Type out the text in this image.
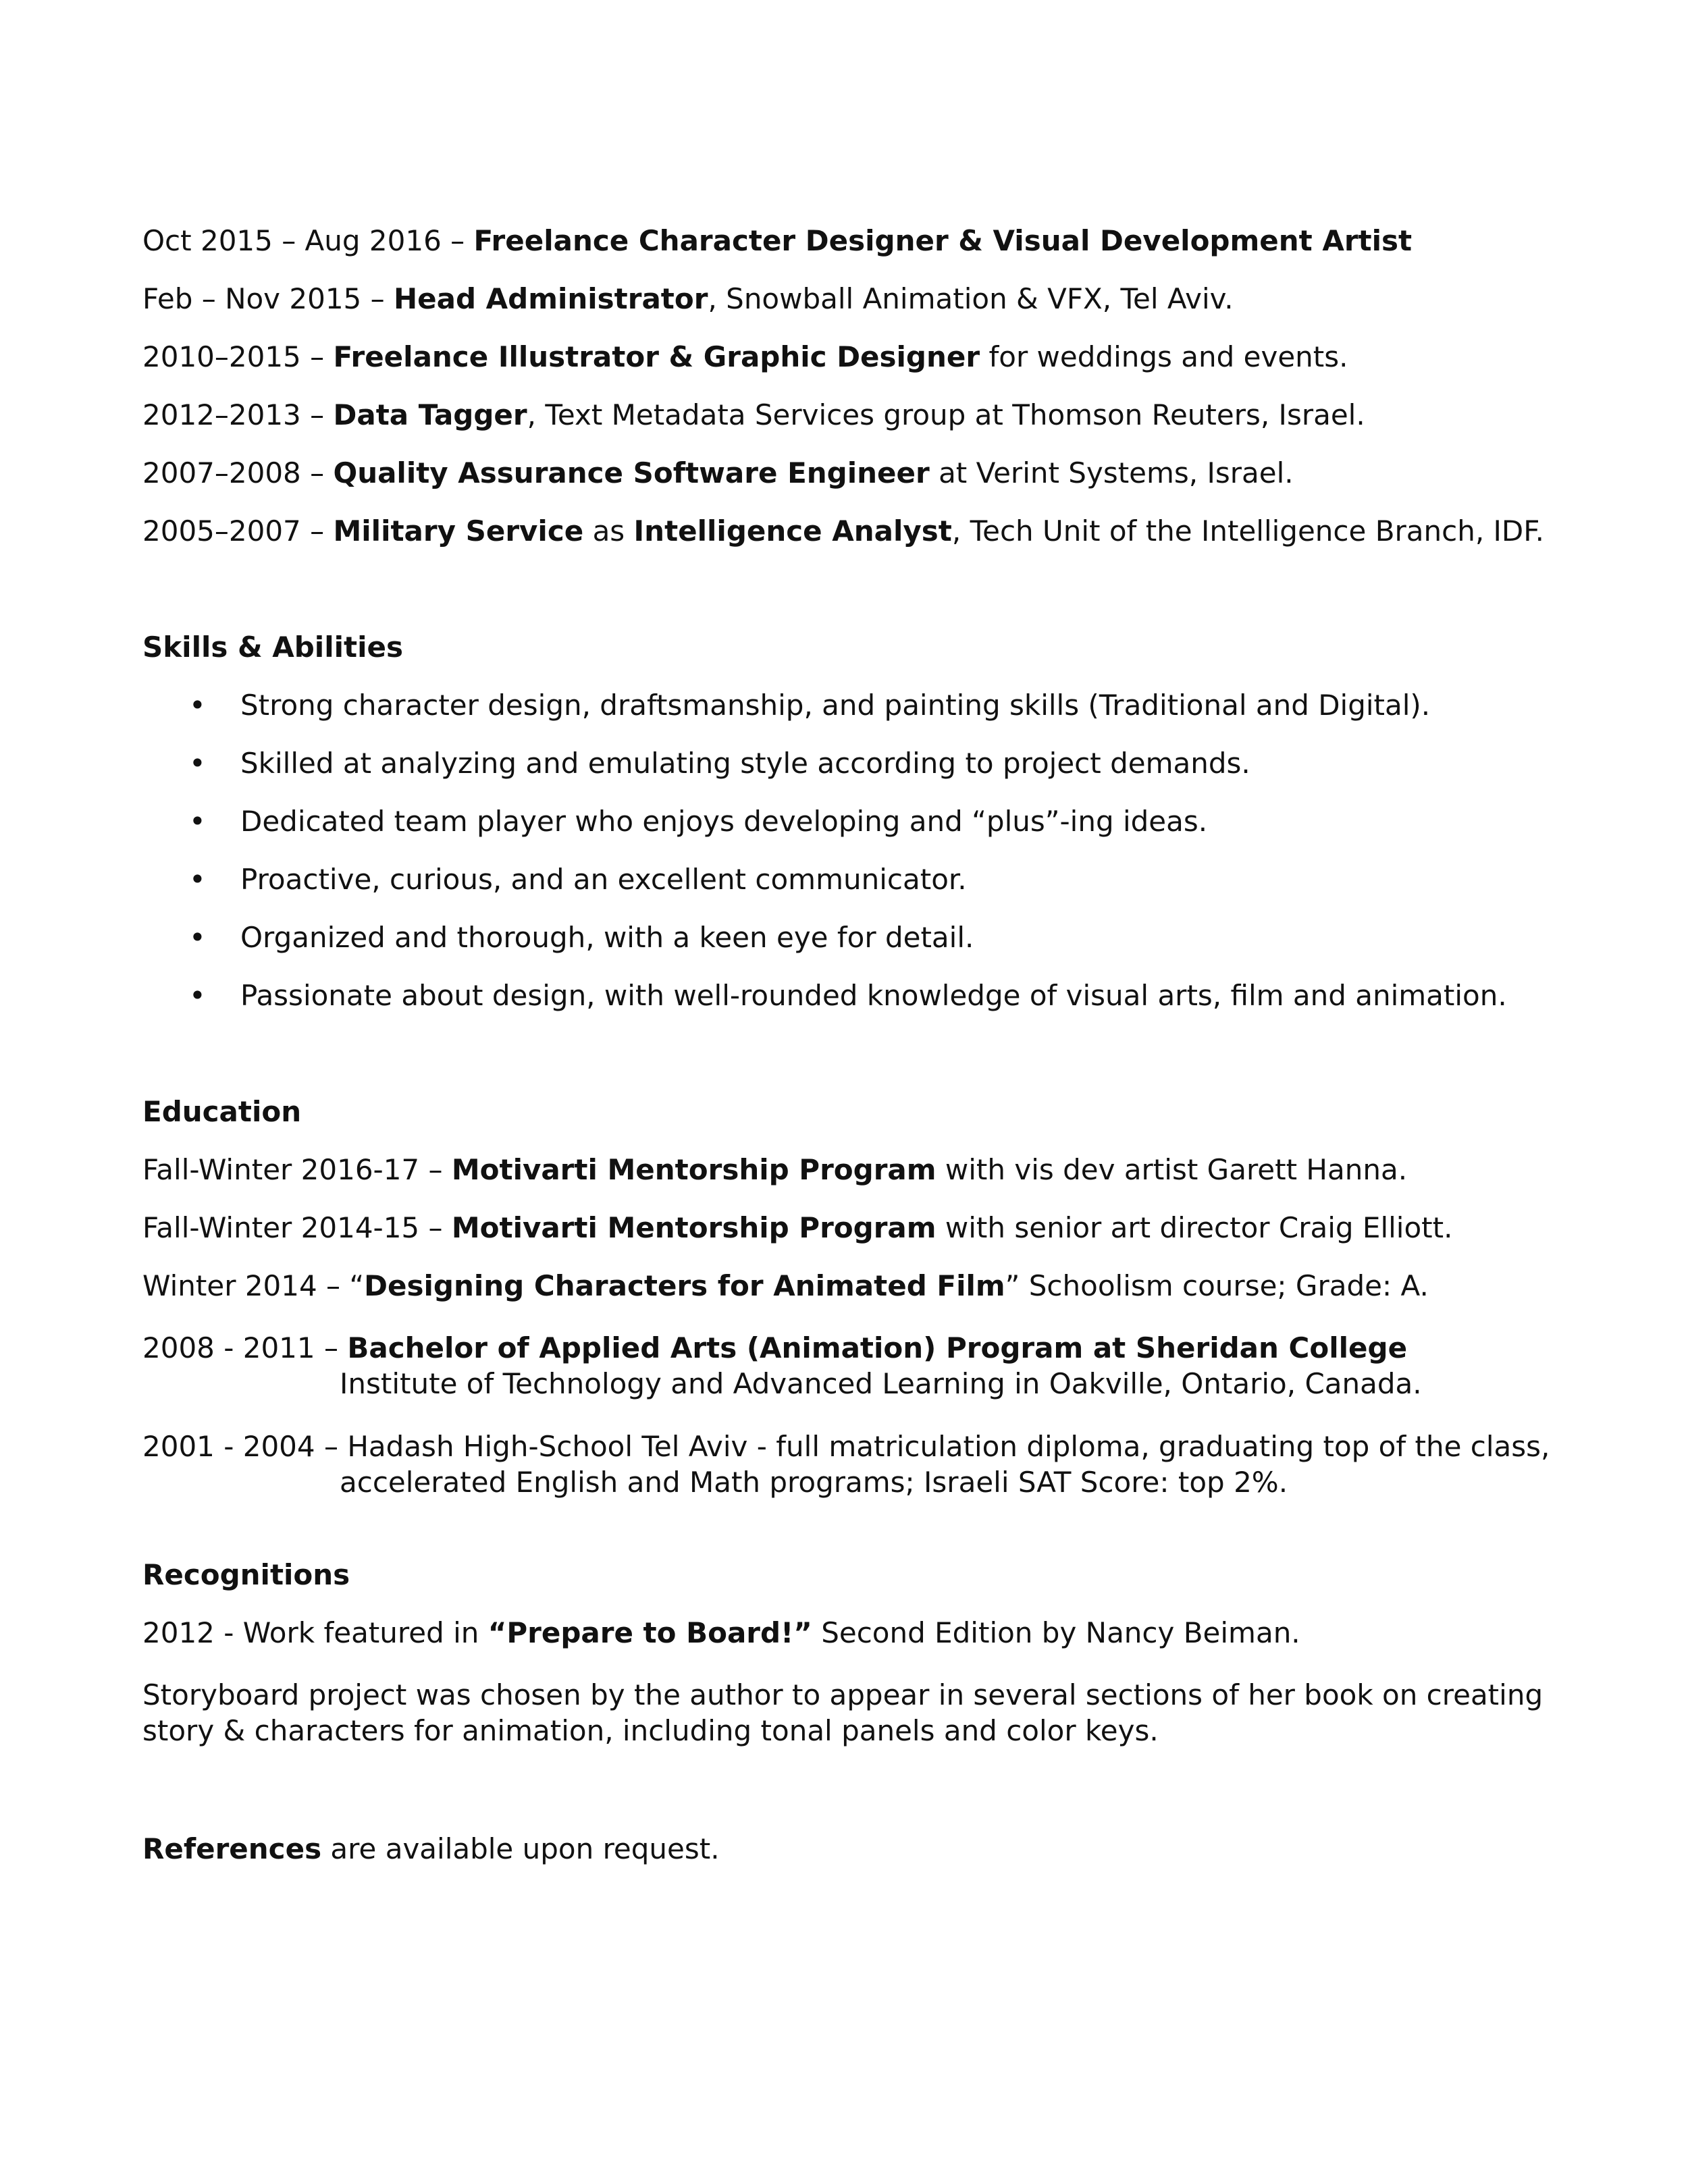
Oct 2015 – Aug 2016 – Freelance Character Designer & Visual Development Artist
Feb – Nov 2015 – Head Administrator, Snowball Animation & VFX, Tel Aviv.
2010–2015 – Freelance Illustrator & Graphic Designer for weddings and events.
2012–2013 – Data Tagger, Text Metadata Services group at Thomson Reuters, Israel.
2007–2008 – Quality Assurance Software Engineer at Verint Systems, Israel.
2005–2007 – Military Service as Intelligence Analyst, Tech Unit of the Intelligence Branch, IDF.
Skills & Abilities
• Strong character design, draftsmanship, and painting skills (Traditional and Digital).
• Skilled at analyzing and emulating style according to project demands.
• Dedicated team player who enjoys developing and “plus”-ing ideas.
• Proactive, curious, and an excellent communicator.
• Organized and thorough, with a keen eye for detail.
• Passionate about design, with well-rounded knowledge of visual arts, film and animation.
Education
Fall-Winter 2016-17 – Motivarti Mentorship Program with vis dev artist Garett Hanna.
Fall-Winter 2014-15 – Motivarti Mentorship Program with senior art director Craig Elliott.
Winter 2014 – “Designing Characters for Animated Film” Schoolism course; Grade: A.
2008 - 2011 – Bachelor of Applied Arts (Animation) Program at Sheridan College
Institute of Technology and Advanced Learning in Oakville, Ontario, Canada.
2001 - 2004 – Hadash High-School Tel Aviv - full matriculation diploma, graduating top of the class,
accelerated English and Math programs; Israeli SAT Score: top 2%.
Recognitions
2012 - Work featured in “Prepare to Board!” Second Edition by Nancy Beiman.
Storyboard project was chosen by the author to appear in several sections of her book on creating
story & characters for animation, including tonal panels and color keys.
References are available upon request.
